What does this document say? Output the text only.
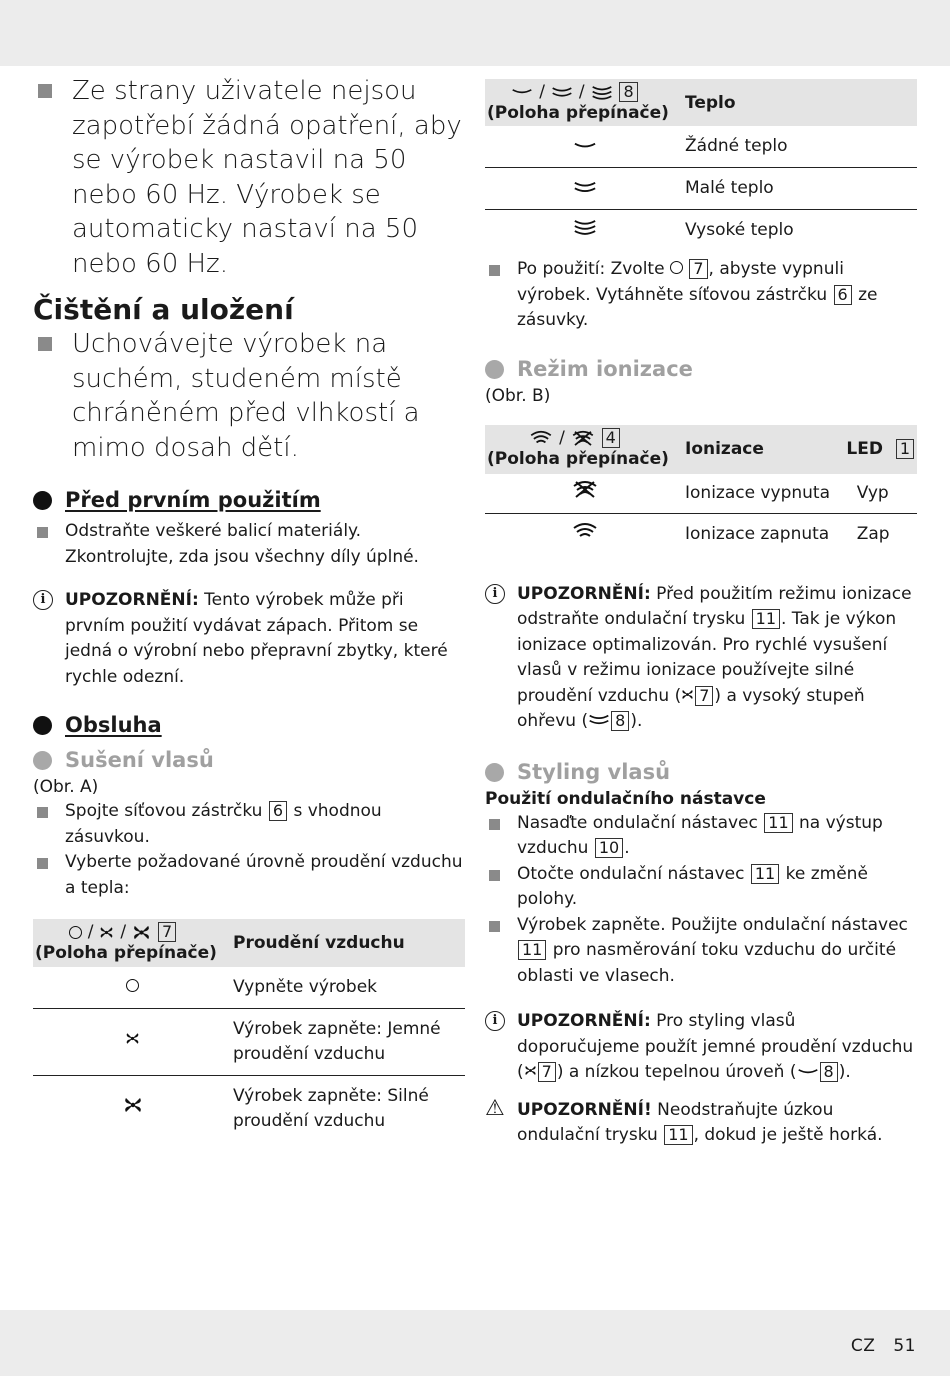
Ze strany uživatele nejsou zapotřebí žádná opatření, aby se výrobek nastavil na 50 nebo 60 Hz. Výrobek se automaticky nastaví na 50 nebo 60 Hz.
Čištění a uložení
Uchovávejte výrobek na suchém, studeném místě chráněném před vlhkostí a mimo dosah dětí.
Před prvním použitím
Odstraňte veškeré balicí materiály. Zkontrolujte, zda jsou všechny díly úplné.
i	UPOZORNĚNÍ: Tento výrobek může při prvním použití vydávat zápach. Přitom se jedná o výrobní nebo přepravní zbytky, které rychle odezní.
Obsluha
Sušení vlasů
(Obr. A)
Spojte síťovou zástrčku 6 s vhodnou zásuvkou.
Vyberte požadované úrovně proudění vzduchu a tepla:
/ / 7
(Poloha přepínače)	Proudění vzduchu
	Vypněte výrobek
	Výrobek zapněte: Jemné proudění vzduchu
	Výrobek zapněte: Silné proudění vzduchu
/ / 8
(Poloha přepínače)	Teplo
	Žádné teplo
	Malé teplo
	Vysoké teplo
Po použití: Zvolte  7 , abyste vypnuli výrobek. Vytáhněte síťovou zástrčku 6 ze zásuvky.
Režim ionizace
(Obr. B)
/ 4
(Poloha přepínače)	Ionizace	LED 1
	Ionizace vypnuta	Vyp
	Ionizace zapnuta	Zap
i	UPOZORNĚNÍ: Před použitím režimu ionizace odstraňte ondulační trysku 11 . Tak je výkon ionizace optimalizován. Pro rychlé vysušení vlasů v režimu ionizace používejte silné proudění vzduchu ( 7 ) a vysoký stupeň ohřevu ( 8 ).
Styling vlasů
Použití ondulačního nástavce
Nasaďte ondulační nástavec 11 na výstup vzduchu 10 .
Otočte ondulační nástavec 11 ke změně polohy.
Výrobek zapněte. Použijte ondulační nástavec 11 pro nasměrování toku vzduchu do určité oblasti ve vlasech.
i	UPOZORNĚNÍ: Pro styling vlasů doporučujeme použít jemné proudění vzduchu ( 7 ) a nízkou tepelnou úroveň ( 8 ).
⚠ UPOZORNĚNÍ! Neodstraňujte úzkou ondulační trysku 11 , dokud je ještě horká.
CZ 51
